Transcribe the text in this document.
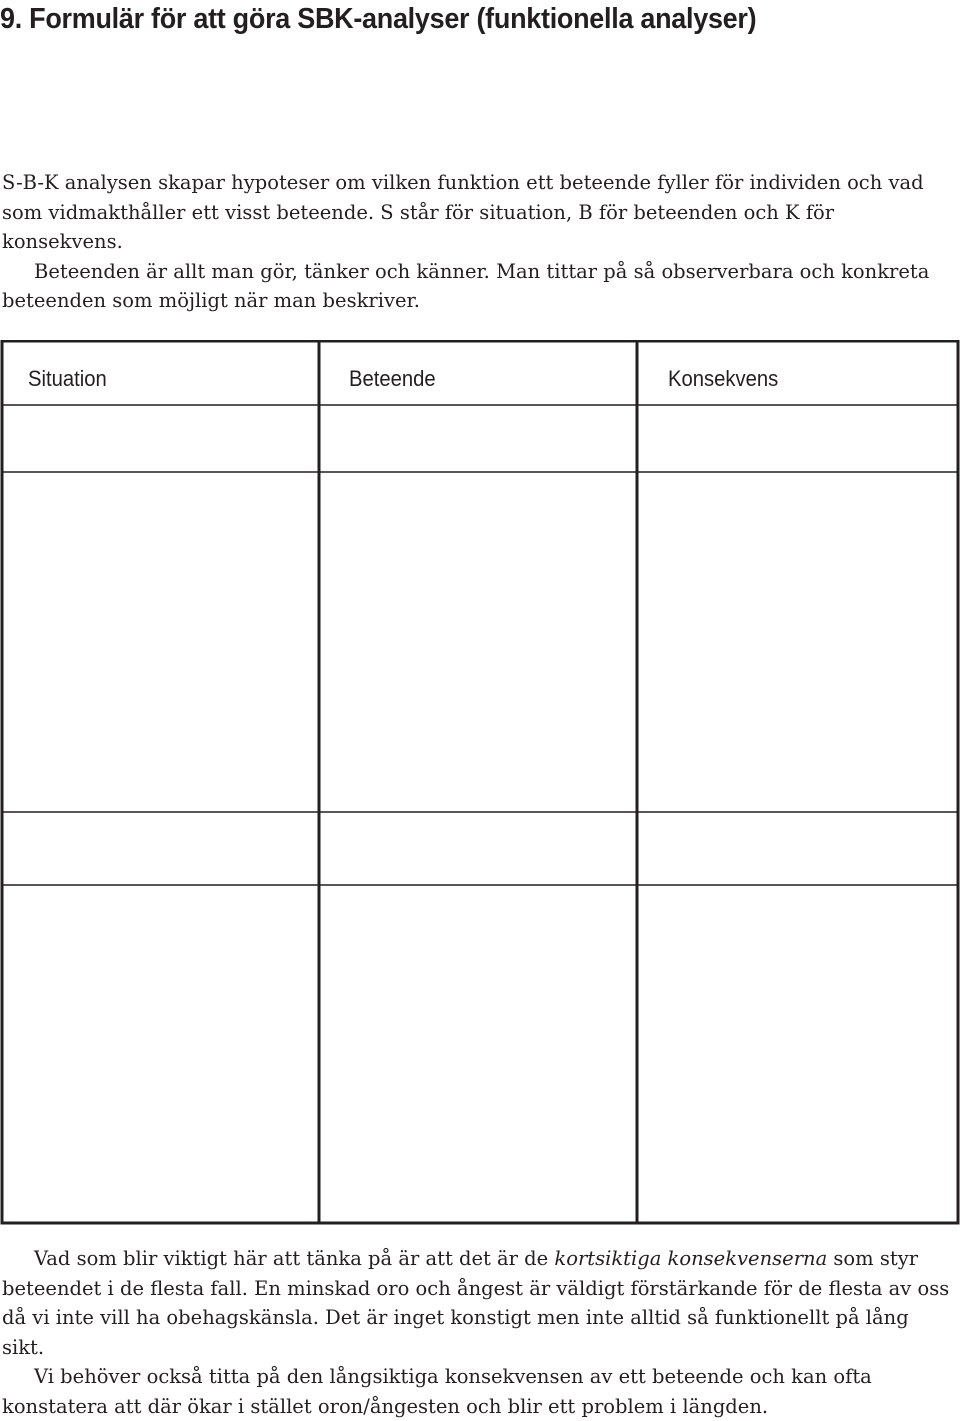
9. Formulär för att göra SBK-analyser (funktionella analyser)

S-B-K analysen skapar hypoteser om vilken funktion ett beteende fyller för individen och vad som vidmakthåller ett visst beteende. S står för situation, B för beteenden och K för konsekvens.

Beteenden är allt man gör, tänker och känner. Man tittar på så observerbara och konkreta beteenden som möjligt när man beskriver.

Situation	Beteende	Konsekvens

Vad som blir viktigt här att tänka på är att det är de kortsiktiga konsekvenserna som styr beteendet i de flesta fall. En minskad oro och ångest är väldigt förstärkande för de flesta av oss då vi inte vill ha obehagskänsla. Det är inget konstigt men inte alltid så funktionellt på lång sikt.

Vi behöver också titta på den långsiktiga konsekvensen av ett beteende och kan ofta konstatera att där ökar i stället oron/ångesten och blir ett problem i längden.
